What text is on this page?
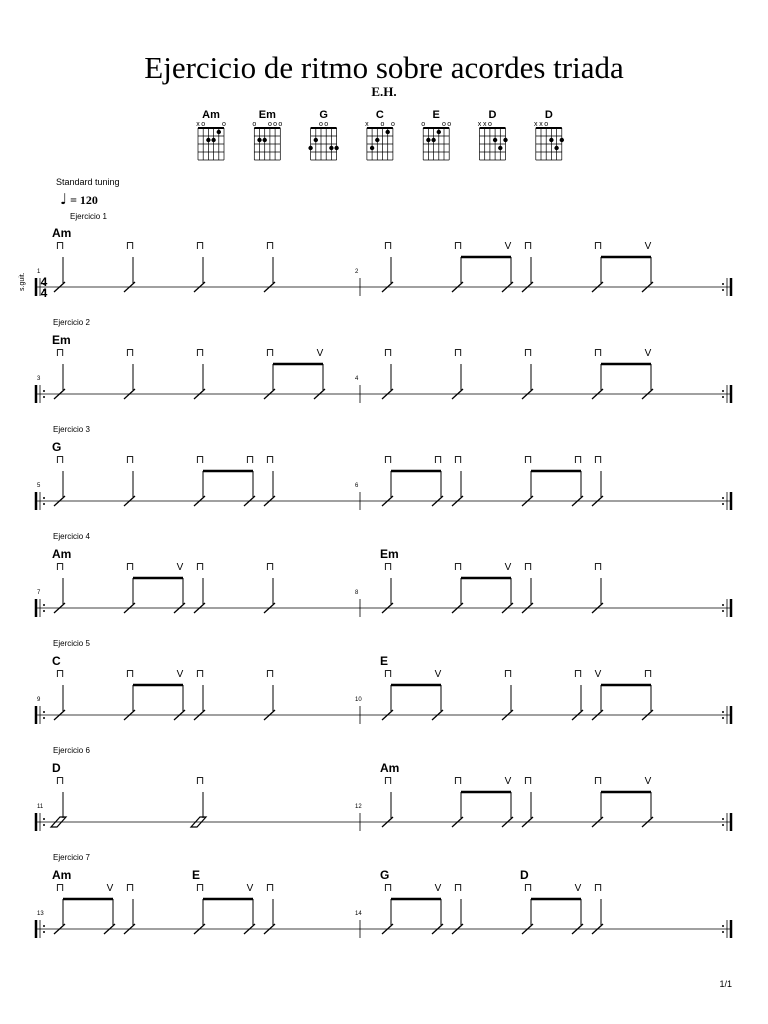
Ejercicio de ritmo sobre acordes triada
E.H.
Am
x o o
Em
o o o o
G
o o
C
x o o
E
o o o
D
x x o
D
x x o
Standard tuning
♩ = 120
Ejercicio 1
s.guit. 4
4
Am
1
⊓	⊓	⊓	⊓
2
⊓	⊓	V ⊓	⊓	V
Ejercicio 2
Em
3
⊓	⊓	⊓	⊓	V
4
⊓	⊓	⊓	⊓	V
Ejercicio 3
G
5
⊓	⊓	⊓	⊓ ⊓
6
⊓	⊓ ⊓	⊓	⊓ ⊓
Ejercicio 4
Am	Em
7
⊓	⊓	V ⊓	⊓
8
⊓	⊓	V ⊓	⊓
Ejercicio 5
C	E
9
⊓	⊓	V ⊓	⊓
10
⊓	V	⊓	⊓ V	⊓
Ejercicio 6
D	Am
11
⊓	⊓
12
⊓	⊓	V ⊓	⊓	V
Ejercicio 7
Am	E	G	D
13
⊓	V ⊓	⊓	V ⊓
14
⊓	V ⊓	⊓	V ⊓
1/1
